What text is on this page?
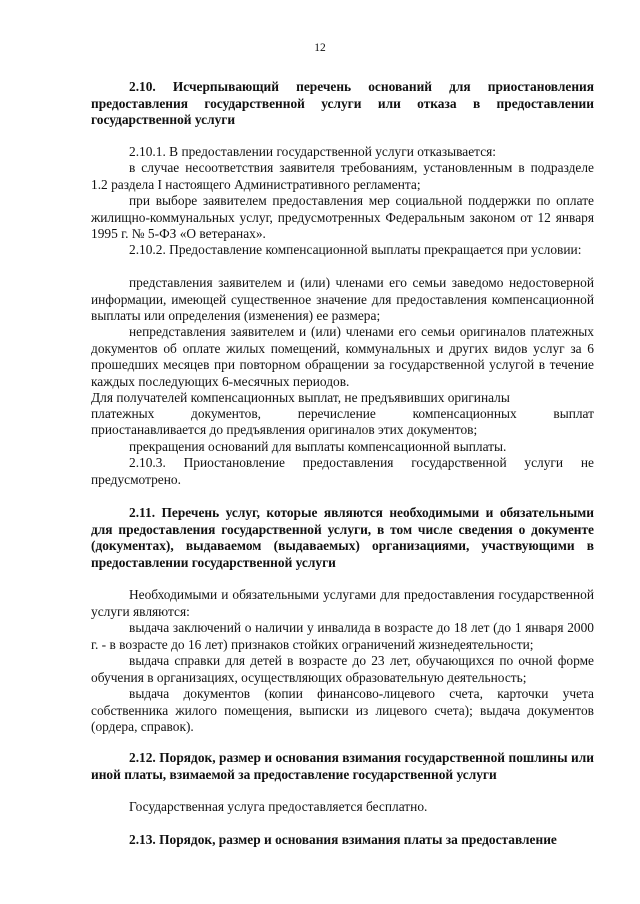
12
2.10. Исчерпывающий перечень оснований для приостановления предоставления государственной услуги или отказа в предоставлении государственной услуги
2.10.1. В предоставлении государственной услуги отказывается:
в случае несоответствия заявителя требованиям, установленным в подразделе 1.2 раздела I настоящего Административного регламента;
при выборе заявителем предоставления мер социальной поддержки по оплате жилищно-коммунальных услуг, предусмотренных Федеральным законом от 12 января 1995 г. № 5-ФЗ «О ветеранах».
2.10.2. Предоставление компенсационной выплаты прекращается при условии:
представления заявителем и (или) членами его семьи заведомо недостоверной информации, имеющей существенное значение для предоставления компенсационной выплаты или определения (изменения) ее размера;
непредставления заявителем и (или) членами его семьи оригиналов платежных документов об оплате жилых помещений, коммунальных и других видов услуг за 6 прошедших месяцев при повторном обращении за государственной услугой в течение каждых последующих 6-месячных периодов.
Для получателей компенсационных выплат, не предъявивших оригиналы
платежных	документов,	перечисление	компенсационных	выплат
приостанавливается до предъявления оригиналов этих документов;
прекращения оснований для выплаты компенсационной выплаты.
2.10.3. Приостановление предоставления государственной услуги не предусмотрено.
2.11. Перечень услуг, которые являются необходимыми и обязательными для предоставления государственной услуги, в том числе сведения о документе (документах), выдаваемом (выдаваемых) организациями, участвующими в предоставлении государственной услуги
Необходимыми и обязательными услугами для предоставления государственной услуги являются:
выдача заключений о наличии у инвалида в возрасте до 18 лет (до 1 января 2000 г. - в возрасте до 16 лет) признаков стойких ограничений жизнедеятельности;
выдача справки для детей в возрасте до 23 лет, обучающихся по очной форме обучения в организациях, осуществляющих образовательную деятельность;
выдача документов (копии финансово-лицевого счета, карточки учета собственника жилого помещения, выписки из лицевого счета); выдача документов (ордера, справок).
2.12. Порядок, размер и основания взимания государственной пошлины или иной платы, взимаемой за предоставление государственной услуги
Государственная услуга предоставляется бесплатно.
2.13. Порядок, размер и основания взимания платы за предоставление
